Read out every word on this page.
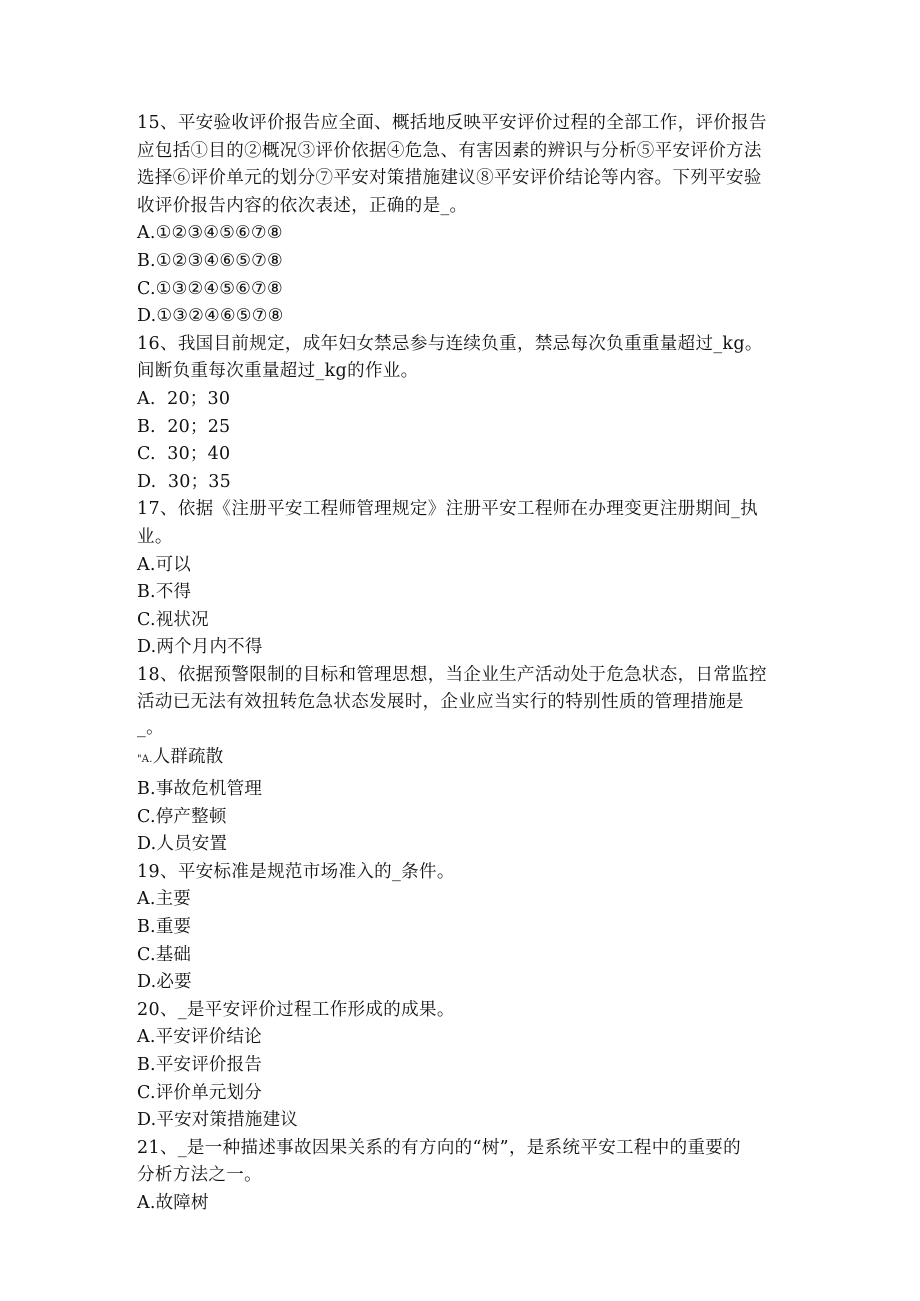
15、平安验收评价报告应全面、概括地反映平安评价过程的全部工作，评价报告
应包括①目的②概况③评价依据④危急、有害因素的辨识与分析⑤平安评价方法
选择⑥评价单元的划分⑦平安对策措施建议⑧平安评价结论等内容。下列平安验
收评价报告内容的依次表述，正确的是_。
A.①②③④⑤⑥⑦⑧
B.①②③④⑥⑤⑦⑧
C.①③②④⑤⑥⑦⑧
D.①③②④⑥⑤⑦⑧
16、我国目前规定，成年妇女禁忌参与连续负重，禁忌每次负重重量超过_kg。
间断负重每次重量超过_kg的作业。
A.  20；30
B.  20；25
C.  30；40
D.  30；35
17、依据《注册平安工程师管理规定》注册平安工程师在办理变更注册期间_执
业。
A.可以
B.不得
C.视状况
D.两个月内不得
18、依据预警限制的目标和管理思想，当企业生产活动处于危急状态，日常监控
活动已无法有效扭转危急状态发展时，企业应当实行的特别性质的管理措施是
_。
"A.人群疏散
B.事故危机管理
C.停产整顿
D.人员安置
19、平安标准是规范市场准入的_条件。
A.主要
B.重要
C.基础
D.必要
20、_是平安评价过程工作形成的成果。
A.平安评价结论
B.平安评价报告
C.评价单元划分
D.平安对策措施建议
21、_是一种描述事故因果关系的有方向的“树”，是系统平安工程中的重要的
分析方法之一。
A.故障树
